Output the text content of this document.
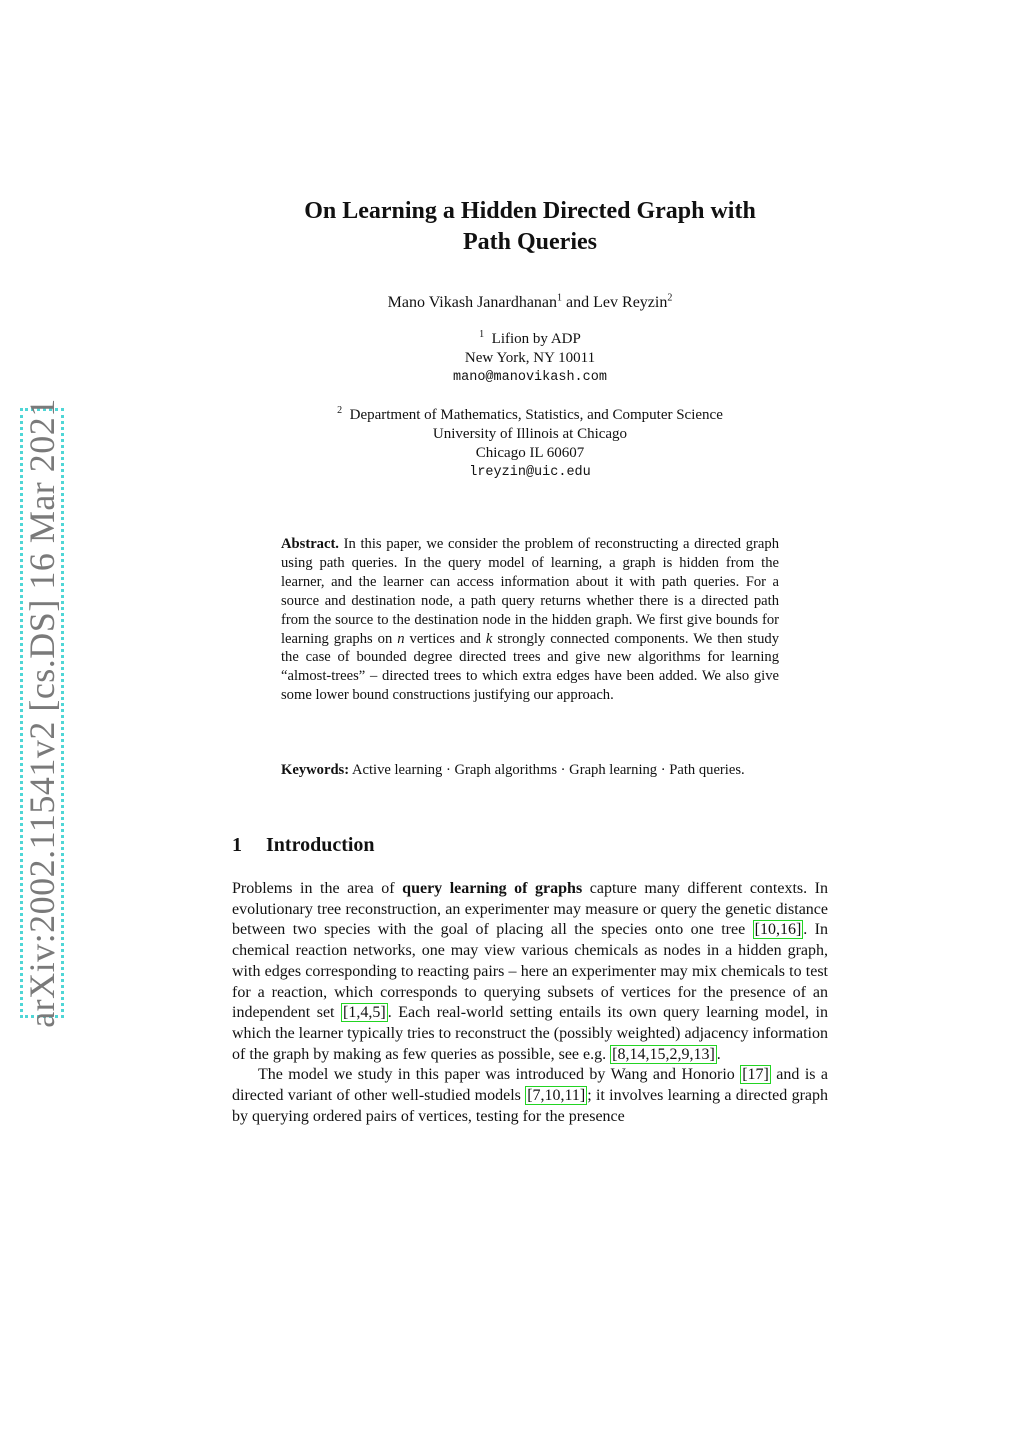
arXiv:2002.11541v2 [cs.DS] 16 Mar 2021
On Learning a Hidden Directed Graph with
Path Queries
Mano Vikash Janardhanan$^1$ and Lev Reyzin$^2$
$^1$ Lifion by ADP
New York, NY 10011
mano@manovikash.com
$^2$ Department of Mathematics, Statistics, and Computer Science
University of Illinois at Chicago
Chicago IL 60607
lreyzin@uic.edu
Abstract. In this paper, we consider the problem of reconstructing a directed graph using path queries. In the query model of learning, a graph is hidden from the learner, and the learner can access information about it with path queries. For a source and destination node, a path query returns whether there is a directed path from the source to the destination node in the hidden graph. We first give bounds for learning graphs on n vertices and k strongly connected components. We then study the case of bounded degree directed trees and give new algorithms for learning “almost-trees” – directed trees to which extra edges have been added. We also give some lower bound constructions justifying our approach.
Keywords: Active learning · Graph algorithms · Graph learning · Path queries.
1 Introduction

Problems in the area of query learning of graphs capture many different contexts. In evolutionary tree reconstruction, an experimenter may measure or query the genetic distance between two species with the goal of placing all the species onto one tree [10,16] . In chemical reaction networks, one may view various chemicals as nodes in a hidden graph, with edges corresponding to reacting pairs – here an experimenter may mix chemicals to test for a reaction, which corresponds to querying subsets of vertices for the presence of an independent set [1,4,5] . Each real-world setting entails its own query learning model, in which the learner typically tries to reconstruct the (possibly weighted) adjacency information of the graph by making as few queries as possible, see e.g. [8,14,15,2,9,13] .

The model we study in this paper was introduced by Wang and Honorio [17] and is a directed variant of other well-studied models [7,10,11] ; it involves learning a directed graph by querying ordered pairs of vertices, testing for the presence
